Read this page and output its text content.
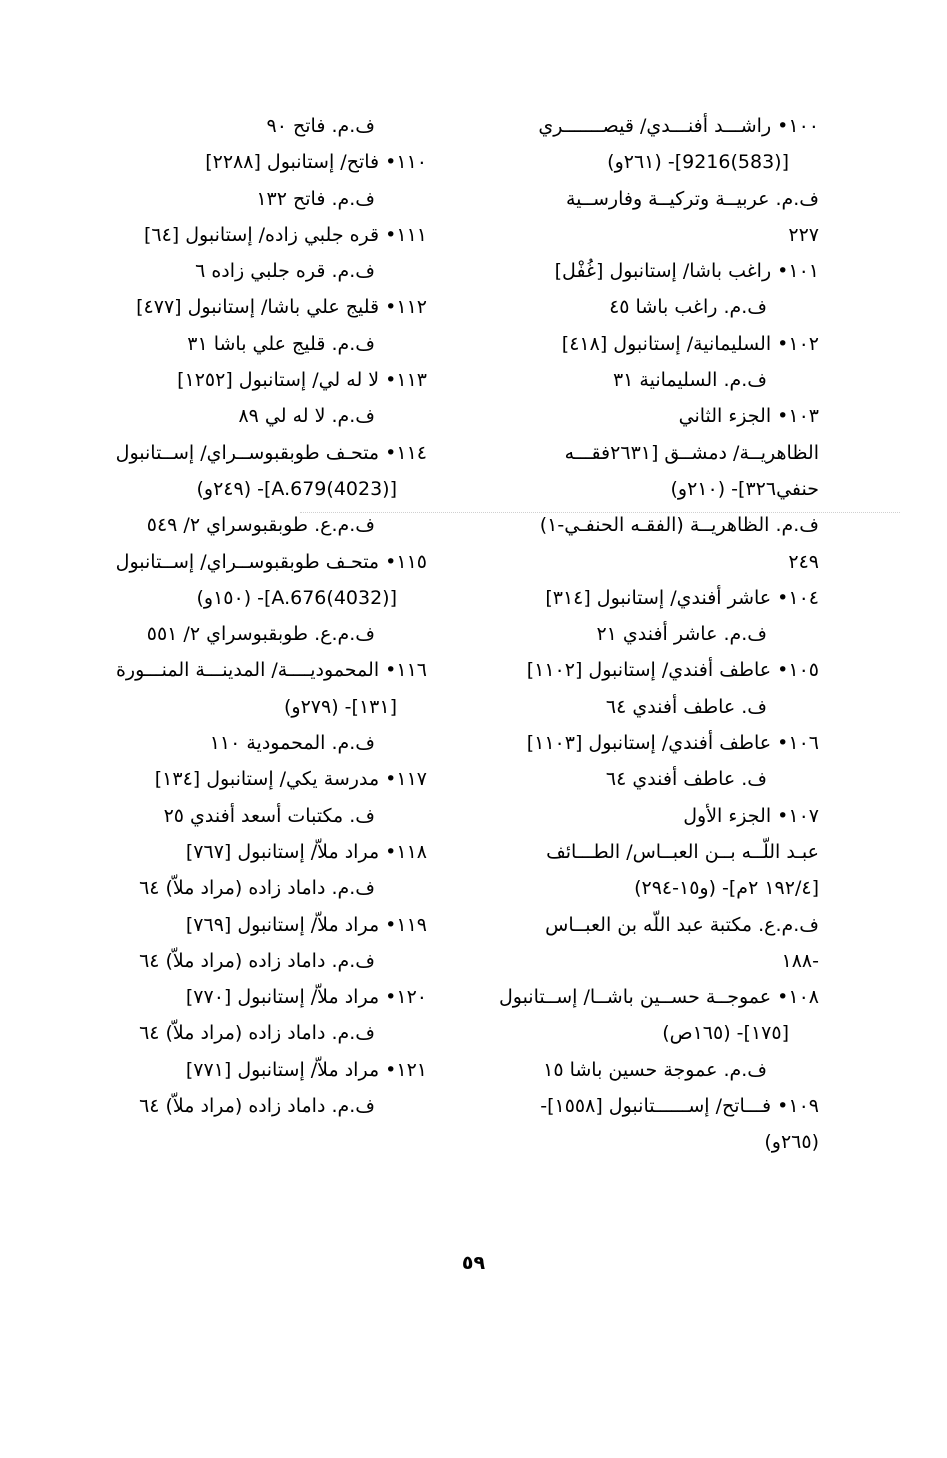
١٠٠• راشـــد أفنـــدي/ قيصـــــــري
[(583)9216]- (٢٦١و)
ف.م. عربيــة وتركيــة وفارســية
٢٢٧
١٠١• راغب باشا/ إستانبول [غُفْل]
ف.م. راغب باشا ٤٥
١٠٢• السليمانية/ إستانبول [٤١٨]
ف.م. السليمانية ٣١
١٠٣• الجزء الثاني
الظاهريــة/ دمشــق [٢٦٣١فقـــه
حنفي٣٢٦]- (٢١٠و)
ف.م. الظاهريــة (الفقـه الحنفـي-١)
٢٤٩
١٠٤• عاشر أفندي/ إستانبول [٣١٤]
ف.م. عاشر أفندي ٢١
١٠٥• عاطف أفندي/ إستانبول [١١٠٢]
ف. عاطف أفندي ٦٤
١٠٦• عاطف أفندي/ إستانبول [١١٠٣]
ف. عاطف أفندي ٦٤
١٠٧• الجزء الأول
عبـد اللّــه بــن العبــاس/ الطـــائف
[١٩٢/٤ ٢م]- (و١٥-٢٩٤)
ف.م.ع. مكتبة عبد اللّه بن العبــاس
-١٨٨
١٠٨• عموجــة حســين باشــا/ إســتانبول
[١٧٥]- (١٦٥ص)
ف.م. عموجة حسين باشا ١٥
١٠٩• فـــاتح/ إســــــتانبول [١٥٥٨]-
(٢٦٥و)
ف.م. فاتح ٩٠
١١٠• فاتح/ إستانبول [٢٢٨٨]
ف.م. فاتح ١٣٢
١١١• قره جلبي زاده/ إستانبول [٦٤]
ف.م. قره جلبي زاده ٦
١١٢• قليج علي باشا/ إستانبول [٤٧٧]
ف.م. قليج علي باشا ٣١
١١٣• لا له لي/ إستانبول [١٢٥٢]
ف.م. لا له لي ٨٩
١١٤• متحـف طوبقبوســراي/ إســتانبول
[(4023)A.679]- (٢٤٩و)
ف.م.ع. طوبقبوسراي ٢/ ٥٤٩
١١٥• متحـف طوبقبوســراي/ إســتانبول
[(4032)A.676]- (١٥٠و)
ف.م.ع. طوبقبوسراي ٢/ ٥٥١
١١٦• المحموديــــة/ المدينـــة المنـــورة
[١٣١]- (٢٧٩و)
ف.م. المحمودية ١١٠
١١٧• مدرسة يكي/ إستانبول [١٣٤]
ف. مكتبات أسعد أفندي ٢٥
١١٨• مراد ملاّ/ إستانبول [٧٦٧]
ف.م. داماد زاده (مراد ملاّ) ٦٤
١١٩• مراد ملاّ/ إستانبول [٧٦٩]
ف.م. داماد زاده (مراد ملاّ) ٦٤
١٢٠• مراد ملاّ/ إستانبول [٧٧٠]
ف.م. داماد زاده (مراد ملاّ) ٦٤
١٢١• مراد ملاّ/ إستانبول [٧٧١]
ف.م. داماد زاده (مراد ملاّ) ٦٤
٥٩
